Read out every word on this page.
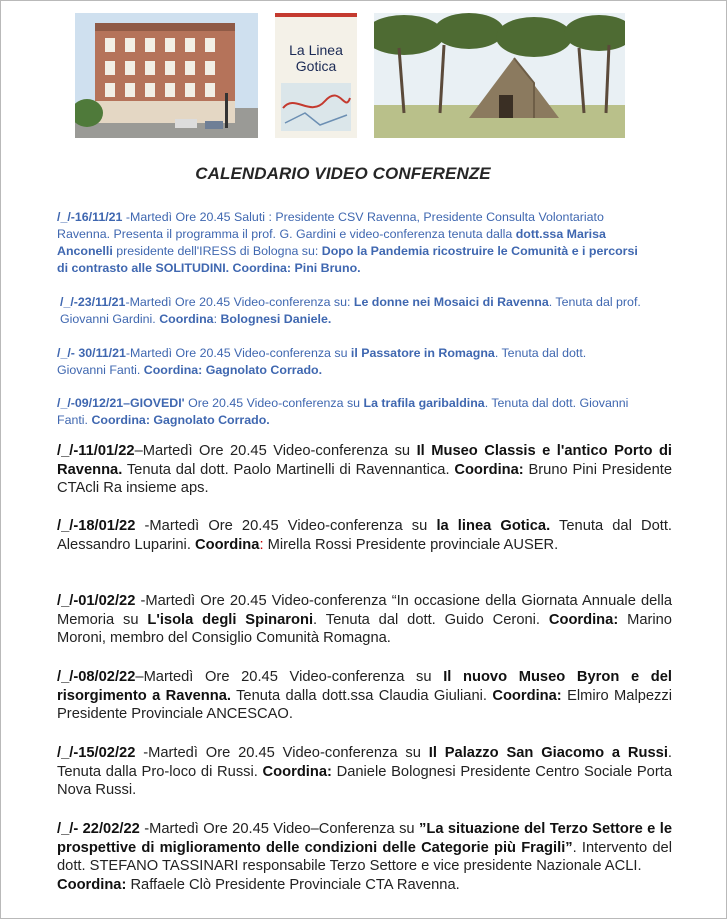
La Linea
Gotica
CALENDARIO VIDEO CONFERENZE
/_/-16/11/21 -Martedì Ore 20.45 Saluti : Presidente CSV Ravenna, Presidente Consulta Volontariato Ravenna. Presenta il programma il prof. G. Gardini e video-conferenza tenuta dalla dott.ssa Marisa Anconelli presidente dell'IRESS di Bologna su: Dopo la Pandemia ricostruire le Comunità e i percorsi di contrasto alle SOLITUDINI. Coordina: Pini Bruno.
/_/-23/11/21-Martedì Ore 20.45 Video-conferenza su: Le donne nei Mosaici di Ravenna. Tenuta dal prof. Giovanni Gardini. Coordina: Bolognesi Daniele.
/_/- 30/11/21-Martedì Ore 20.45 Video-conferenza su il Passatore in Romagna. Tenuta dal dott. Giovanni Fanti. Coordina: Gagnolato Corrado.
/_/-09/12/21–GIOVEDI' Ore 20.45 Video-conferenza su La trafila garibaldina. Tenuta dal dott. Giovanni Fanti. Coordina: Gagnolato Corrado.
/_/-11/01/22–Martedì Ore 20.45 Video-conferenza su Il Museo Classis e l'antico Porto di Ravenna. Tenuta dal dott. Paolo Martinelli di Ravennantica. Coordina: Bruno Pini Presidente CTAcli Ra insieme aps.
/_/-18/01/22 -Martedì Ore 20.45 Video-conferenza su la linea Gotica. Tenuta dal Dott. Alessandro Luparini. Coordina: Mirella Rossi Presidente provinciale AUSER.
/_/-01/02/22 -Martedì Ore 20.45 Video-conferenza “In occasione della Giornata Annuale della Memoria su L'isola degli Spinaroni. Tenuta dal dott. Guido Ceroni. Coordina: Marino Moroni, membro del Consiglio Comunità Romagna.
/_/-08/02/22–Martedì Ore 20.45 Video-conferenza su Il nuovo Museo Byron e del risorgimento a Ravenna. Tenuta dalla dott.ssa Claudia Giuliani. Coordina: Elmiro Malpezzi Presidente Provinciale ANCESCAO.
/_/-15/02/22 -Martedì Ore 20.45 Video-conferenza su Il Palazzo San Giacomo a Russi. Tenuta dalla Pro-loco di Russi. Coordina: Daniele Bolognesi Presidente Centro Sociale Porta Nova Russi.
/_/- 22/02/22 -Martedì Ore 20.45 Video–Conferenza su ”La situazione del Terzo Settore e le prospettive di miglioramento delle condizioni delle Categorie più Fragili”. Intervento del dott. STEFANO TASSINARI responsabile Terzo Settore e vice presidente Nazionale ACLI.
Coordina: Raffaele Clò Presidente Provinciale CTA Ravenna.
